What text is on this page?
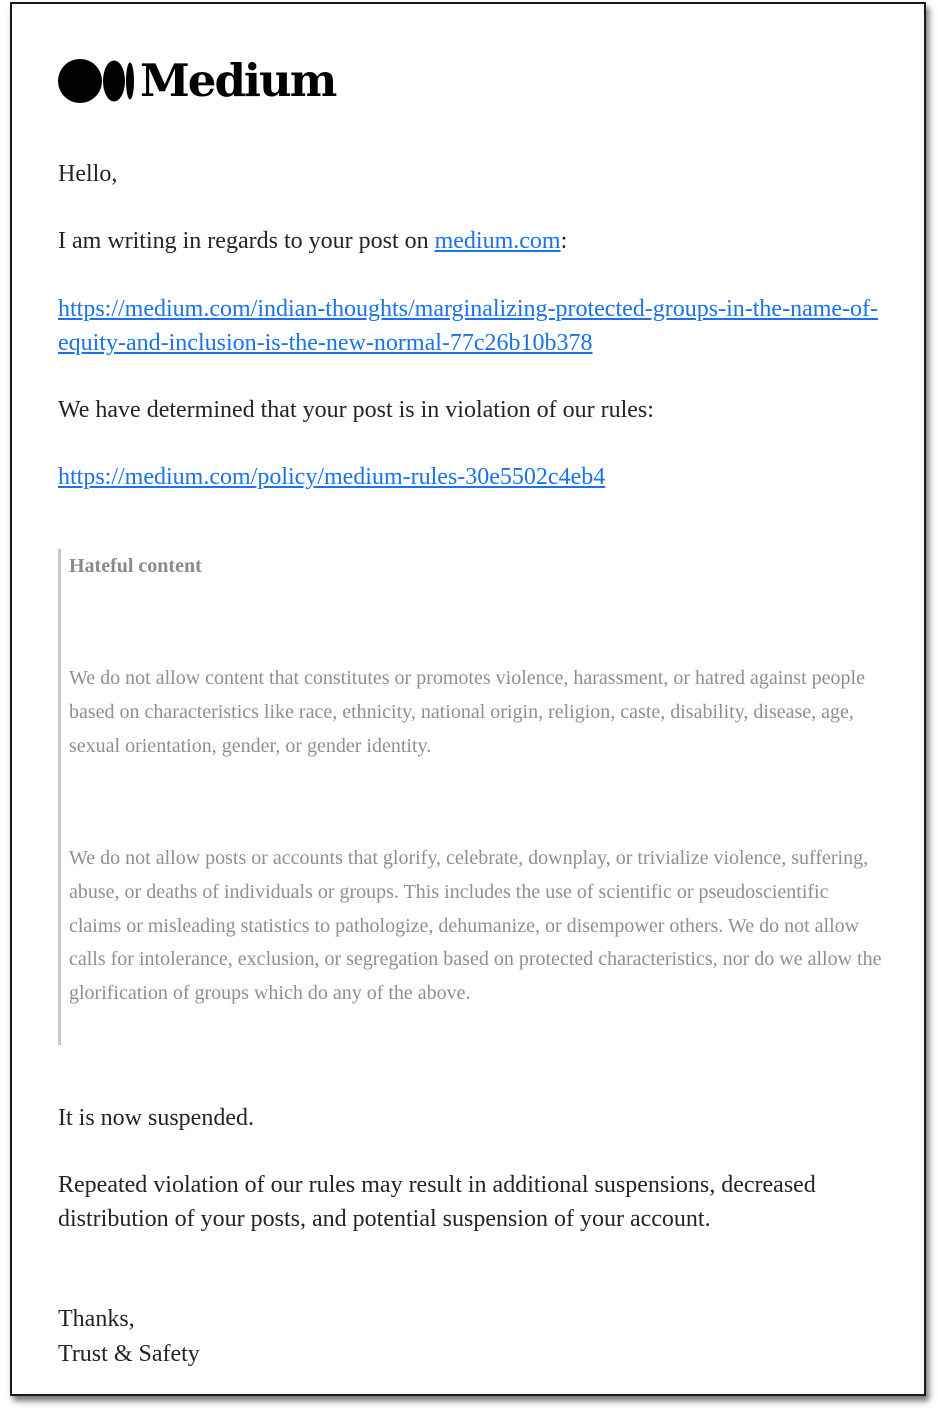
Medium

Hello,

I am writing in regards to your post on medium.com:

https://medium.com/indian-thoughts/marginalizing-protected-groups-in-the-name-of-equity-and-inclusion-is-the-new-normal-77c26b10b378

We have determined that your post is in violation of our rules:

https://medium.com/policy/medium-rules-30e5502c4eb4

Hateful content

We do not allow content that constitutes or promotes violence, harassment, or hatred against people based on characteristics like race, ethnicity, national origin, religion, caste, disability, disease, age, sexual orientation, gender, or gender identity.

We do not allow posts or accounts that glorify, celebrate, downplay, or trivialize violence, suffering, abuse, or deaths of individuals or groups. This includes the use of scientific or pseudoscientific claims or misleading statistics to pathologize, dehumanize, or disempower others. We do not allow calls for intolerance, exclusion, or segregation based on protected characteristics, nor do we allow the glorification of groups which do any of the above.

It is now suspended.

Repeated violation of our rules may result in additional suspensions, decreased distribution of your posts, and potential suspension of your account.

Thanks,

Trust & Safety
